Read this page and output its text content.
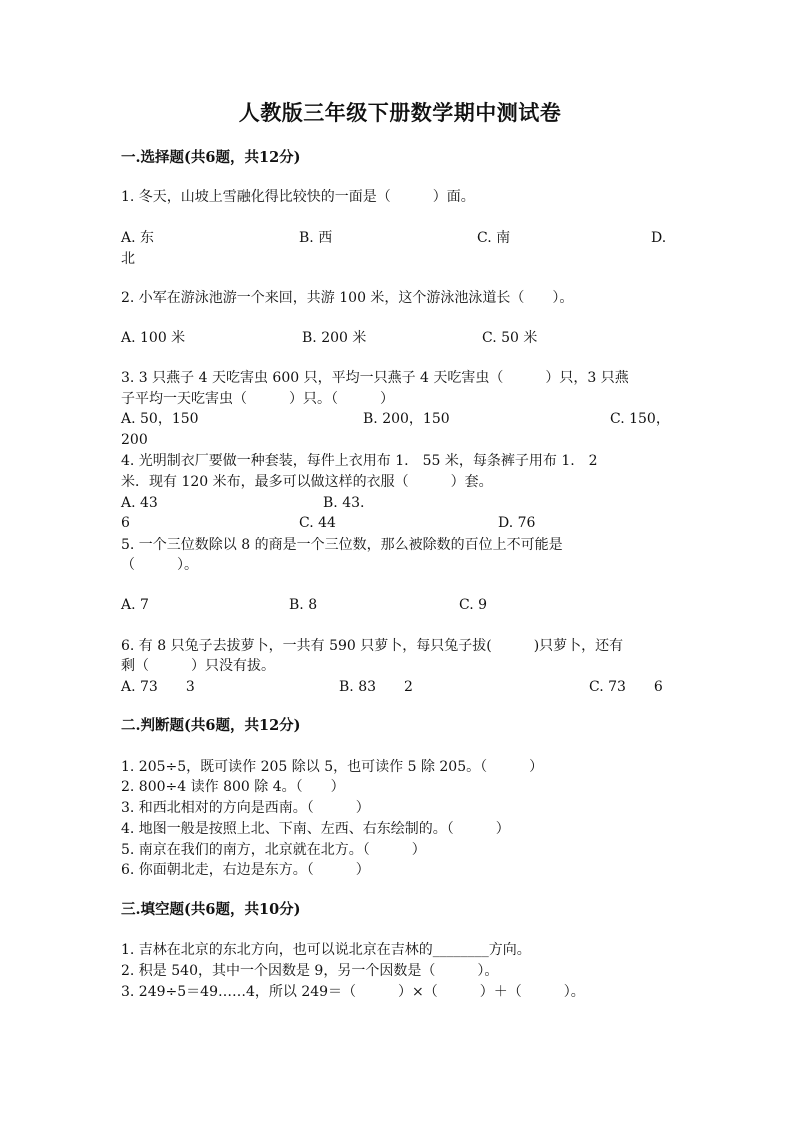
人教版三年级下册数学期中测试卷
一.选择题(共6题，共12分)
1. 冬天，山坡上雪融化得比较快的一面是（　　　）面。
A. 东	B. 西	C. 南	D.
北
2. 小军在游泳池游一个来回，共游 100 米，这个游泳池泳道长（　　）。
A. 100 米	B. 200 米	C. 50 米
3. 3 只燕子 4 天吃害虫 600 只，平均一只燕子 4 天吃害虫（　　　）只，3 只燕
子平均一天吃害虫（　　　）只。（　　　）
A. 50，150	B. 200，150	C. 150，
200
4. 光明制衣厂要做一种套装，每件上衣用布 1.　55 米，每条裤子用布 1.　2
米．现有 120 米布，最多可以做这样的衣服（　　　）套。
A. 43	B. 43.
6	C. 44	D. 76
5. 一个三位数除以 8 的商是一个三位数，那么被除数的百位上不可能是
（　　　）。
A. 7	B. 8	C. 9
6. 有 8 只兔子去拔萝卜，一共有 590 只萝卜，每只兔子拔(　　　)只萝卜，还有
剩（　　　）只没有拔。
A. 73　　3	B. 83　　2	C. 73　　6
二.判断题(共6题，共12分)
1. 205÷5，既可读作 205 除以 5，也可读作 5 除 205。（　　　）
2. 800÷4 读作 800 除 4。（　　）
3. 和西北相对的方向是西南。（　　　）
4. 地图一般是按照上北、下南、左西、右东绘制的。（　　　）
5. 南京在我们的南方，北京就在北方。（　　　）
6. 你面朝北走，右边是东方。（　　　）
三.填空题(共6题，共10分)
1. 吉林在北京的东北方向，也可以说北京在吉林的________方向。
2. 积是 540，其中一个因数是 9，另一个因数是（　　　）。
3. 249÷5＝49……4，所以 249＝（　　　）×（　　　）＋（　　　）。
